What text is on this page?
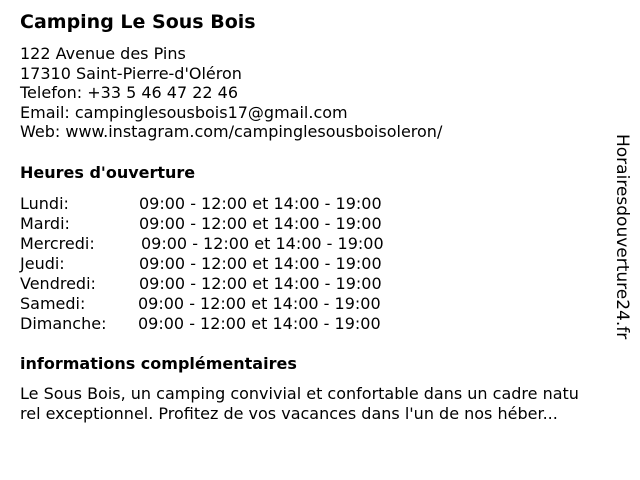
Camping Le Sous Bois
122 Avenue des Pins
17310 Saint-Pierre-d'Oléron
Telefon: +33 5 46 47 22 46
Email: campinglesousbois17@gmail.com
Web: www.instagram.com/campinglesousboisoleron/
Heures d'ouverture
Lundi:	09:00 - 12:00 et 14:00 - 19:00
Mardi:	09:00 - 12:00 et 14:00 - 19:00
Mercredi:	09:00 - 12:00 et 14:00 - 19:00
Jeudi:	09:00 - 12:00 et 14:00 - 19:00
Vendredi:	09:00 - 12:00 et 14:00 - 19:00
Samedi:	09:00 - 12:00 et 14:00 - 19:00
Dimanche: 09:00 - 12:00 et 14:00 - 19:00
informations complémentaires
Le Sous Bois, un camping convivial et confortable dans un cadre natu
rel exceptionnel. Profitez de vos vacances dans l'un de nos héber...
Horairesdouverture24.fr
